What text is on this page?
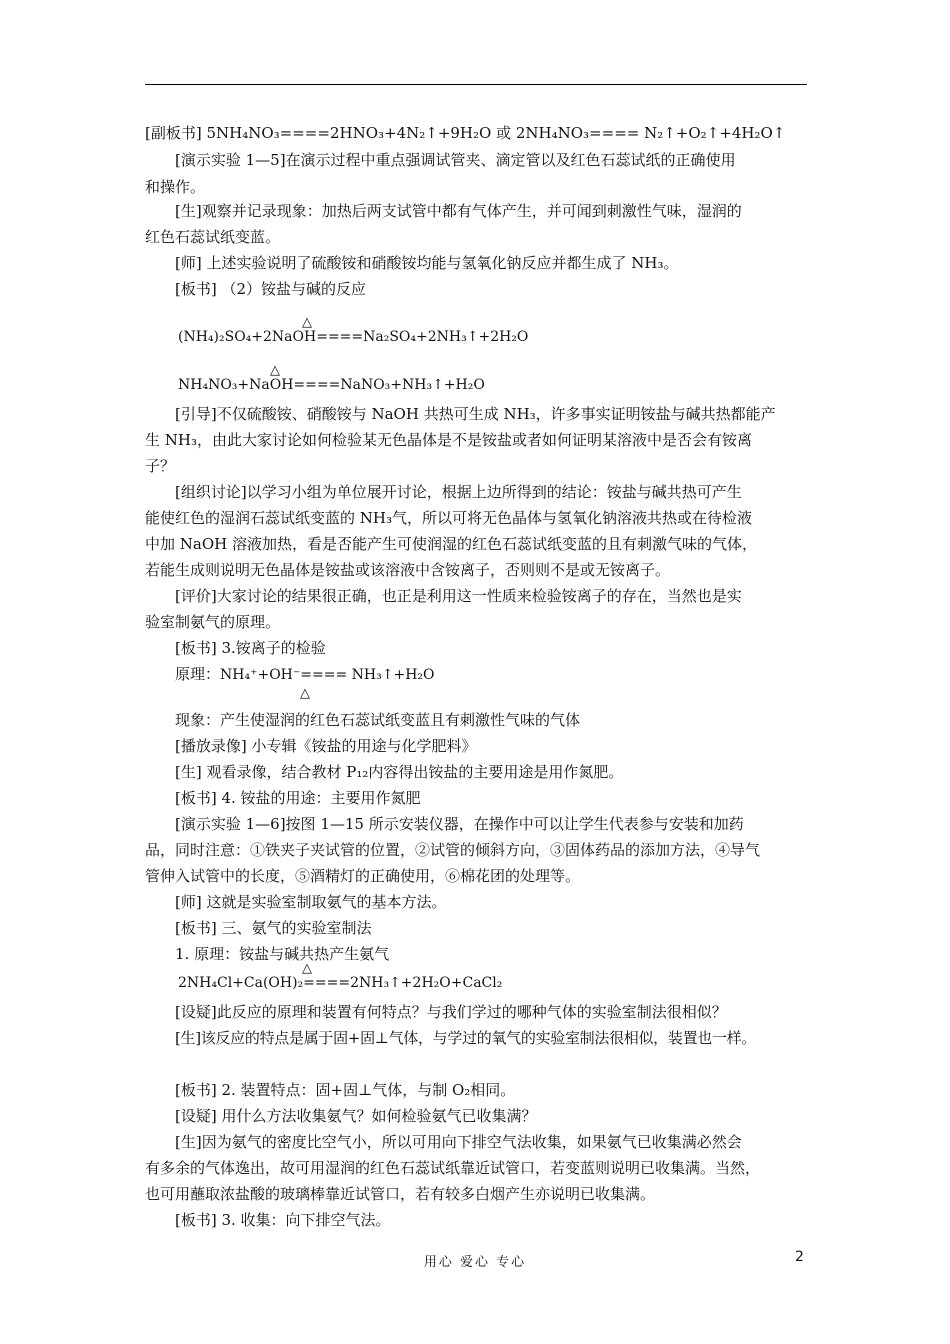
[副板书] 5NH₄NO₃====2HNO₃+4N₂↑+9H₂O 或 2NH₄NO₃==== N₂↑+O₂↑+4H₂O↑
[演示实验 1—5]在演示过程中重点强调试管夹、滴定管以及红色石蕊试纸的正确使用
和操作。
[生]观察并记录现象：加热后两支试管中都有气体产生，并可闻到刺激性气味，湿润的
红色石蕊试纸变蓝。
[师] 上述实验说明了硫酸铵和硝酸铵均能与氢氧化钠反应并都生成了 NH₃。
[板书] （2）铵盐与碱的反应
△
(NH₄)₂SO₄+2NaOH====Na₂SO₄+2NH₃↑+2H₂O
△
NH₄NO₃+NaOH====NaNO₃+NH₃↑+H₂O
[引导]不仅硫酸铵、硝酸铵与 NaOH 共热可生成 NH₃，许多事实证明铵盐与碱共热都能产
生 NH₃，由此大家讨论如何检验某无色晶体是不是铵盐或者如何证明某溶液中是否会有铵离
子？
[组织讨论]以学习小组为单位展开讨论，根据上边所得到的结论：铵盐与碱共热可产生
能使红色的湿润石蕊试纸变蓝的 NH₃气，所以可将无色晶体与氢氧化钠溶液共热或在待检液
中加 NaOH 溶液加热，看是否能产生可使润湿的红色石蕊试纸变蓝的且有刺激气味的气体，
若能生成则说明无色晶体是铵盐或该溶液中含铵离子，否则则不是或无铵离子。
[评价]大家讨论的结果很正确，也正是利用这一性质来检验铵离子的存在，当然也是实
验室制氨气的原理。
[板书] 3.铵离子的检验
原理：NH₄⁺+OH⁻==== NH₃↑+H₂O
△
现象：产生使湿润的红色石蕊试纸变蓝且有刺激性气味的气体
[播放录像] 小专辑《铵盐的用途与化学肥料》
[生] 观看录像，结合教材 P₁₂内容得出铵盐的主要用途是用作氮肥。
[板书] 4. 铵盐的用途：主要用作氮肥
[演示实验 1—6]按图 1—15 所示安装仪器，在操作中可以让学生代表参与安装和加药
品，同时注意：①铁夹子夹试管的位置，②试管的倾斜方向，③固体药品的添加方法，④导气
管伸入试管中的长度，⑤酒精灯的正确使用，⑥棉花团的处理等。
[师] 这就是实验室制取氨气的基本方法。
[板书] 三、氨气的实验室制法
1. 原理：铵盐与碱共热产生氨气
△
2NH₄Cl+Ca(OH)₂====2NH₃↑+2H₂O+CaCl₂
[设疑]此反应的原理和装置有何特点？与我们学过的哪种气体的实验室制法很相似？
[生]该反应的特点是属于固+固⊥气体，与学过的氧气的实验室制法很相似，装置也一样。
[板书] 2. 装置特点：固+固⊥气体，与制 O₂相同。
[设疑] 用什么方法收集氨气？如何检验氨气已收集满？
[生]因为氨气的密度比空气小，所以可用向下排空气法收集，如果氨气已收集满必然会
有多余的气体逸出，故可用湿润的红色石蕊试纸靠近试管口，若变蓝则说明已收集满。当然，
也可用蘸取浓盐酸的玻璃棒靠近试管口，若有较多白烟产生亦说明已收集满。
[板书] 3. 收集：向下排空气法。
用心 爱心 专心	2
